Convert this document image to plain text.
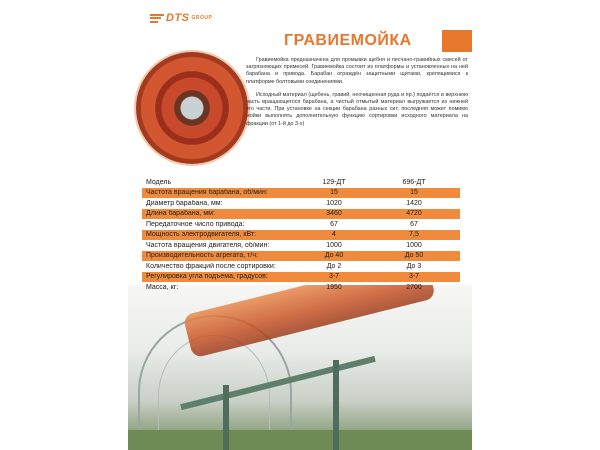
DTS GROUP
ГРАВИЕМОЙКА

Гравиемойка предназначена для промывки щебня и песчано-гравийных смесей от загрязняющих примесей. Гравиемойка состоит из платформы и установленных на ней барабана и привода. Барабан ограждён защитными щитами, крепящимися к платформе болтовыми соединениями.

Исходный материал (щебень, гравий, неочищенная руда и пр.) подаётся в верхнюю часть вращающегося барабана, а чистый отмытый материал выгружается из нижней его части. При установке на секции барабана разных сит, последняя может помимо мойки выполнять дополнительную функцию сортировки исходного материала на фракции (от 1-й до 3-х)

Модель	129-ДТ	696-ДТ
Частота вращения барабана, об/мин:	15	15
Диаметр барабана, мм:	1020	1420
Длина барабана, мм:	3460	4720
Передаточное число привода:	67	67
Мощность электродвигателя, кВт:	4	7,5
Частота вращения двигателя, об/мин:	1000	1000
Производительность агрегата, т/ч:	До 40	До 50
Количество фракций после сортировки:	До 2	До 3
Регулировка угла подъема, градусов:	3-7	3-7
Масса, кг:	1950	2700
